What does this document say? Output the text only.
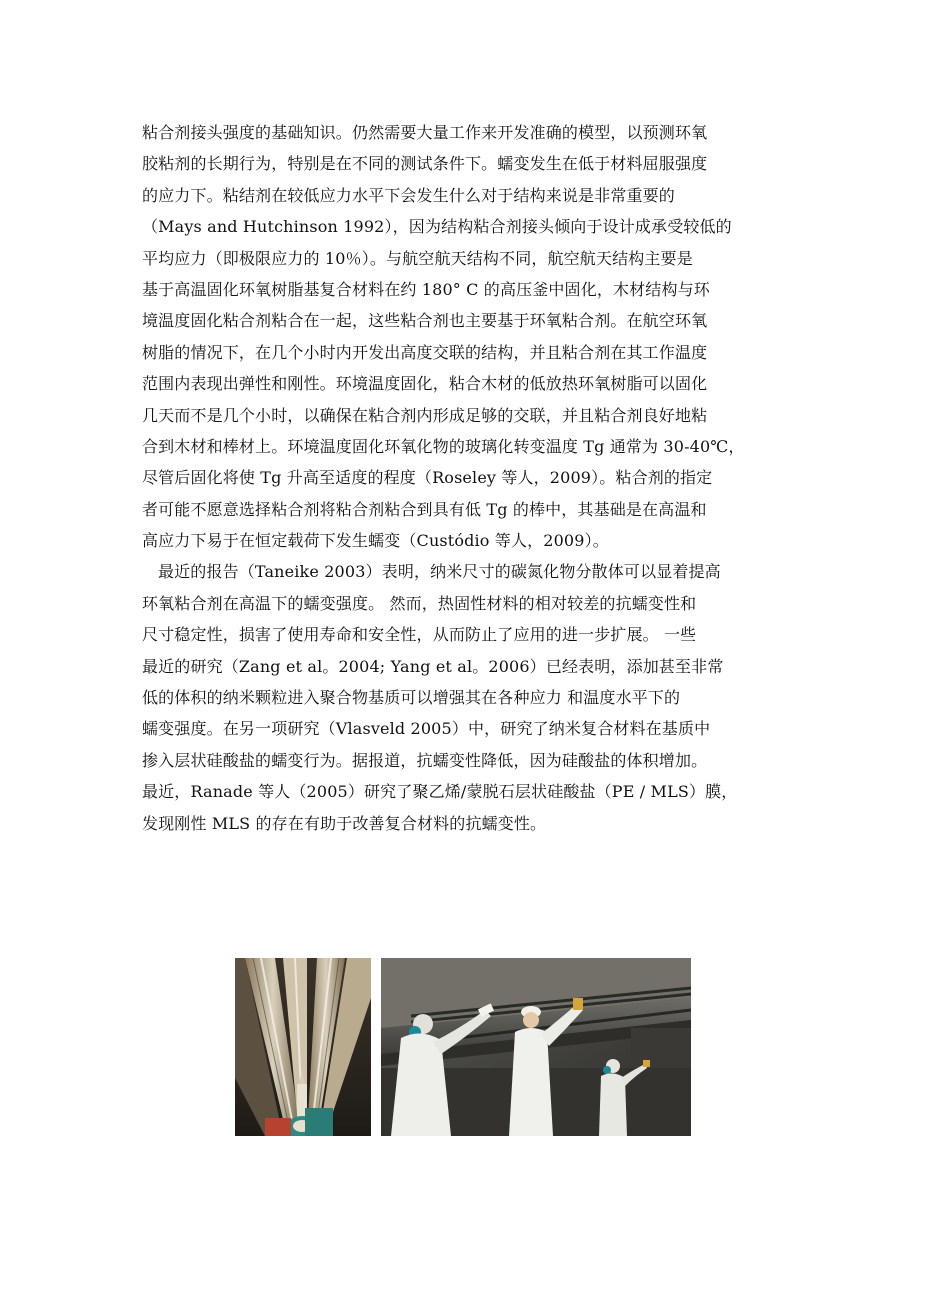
粘合剂接头强度的基础知识。仍然需要大量工作来开发准确的模型，以预测环氧
胶粘剂的长期行为，特别是在不同的测试条件下。蠕变发生在低于材料屈服强度
的应力下。粘结剂在较低应力水平下会发生什么对于结构来说是非常重要的
（Mays and Hutchinson 1992），因为结构粘合剂接头倾向于设计成承受较低的
平均应力（即极限应力的 10％）。与航空航天结构不同，航空航天结构主要是
基于高温固化环氧树脂基复合材料在约 180° C 的高压釜中固化，木材结构与环
境温度固化粘合剂粘合在一起，这些粘合剂也主要基于环氧粘合剂。在航空环氧
树脂的情况下，在几个小时内开发出高度交联的结构，并且粘合剂在其工作温度
范围内表现出弹性和刚性。环境温度固化，粘合木材的低放热环氧树脂可以固化
几天而不是几个小时，以确保在粘合剂内形成足够的交联，并且粘合剂良好地粘
合到木材和棒材上。环境温度固化环氧化物的玻璃化转变温度 Tg 通常为 30-40℃，
尽管后固化将使 Tg 升高至适度的程度（Roseley 等人，2009）。粘合剂的指定
者可能不愿意选择粘合剂将粘合剂粘合到具有低 Tg 的棒中，其基础是在高温和
高应力下易于在恒定载荷下发生蠕变（Custódio 等人，2009）。
最近的报告（Taneike 2003）表明，纳米尺寸的碳氮化物分散体可以显着提高
环氧粘合剂在高温下的蠕变强度。 然而，热固性材料的相对较差的抗蠕变性和
尺寸稳定性，损害了使用寿命和安全性，从而防止了应用的进一步扩展。 一些
最近的研究（Zang et al。2004; Yang et al。2006）已经表明，添加甚至非常
低的体积的纳米颗粒进入聚合物基质可以增强其在各种应力 和温度水平下的
蠕变强度。在另一项研究（Vlasveld 2005）中，研究了纳米复合材料在基质中
掺入层状硅酸盐的蠕变行为。据报道，抗蠕变性降低，因为硅酸盐的体积增加。
最近，Ranade 等人（2005）研究了聚乙烯/蒙脱石层状硅酸盐（PE / MLS）膜，
发现刚性 MLS 的存在有助于改善复合材料的抗蠕变性。
